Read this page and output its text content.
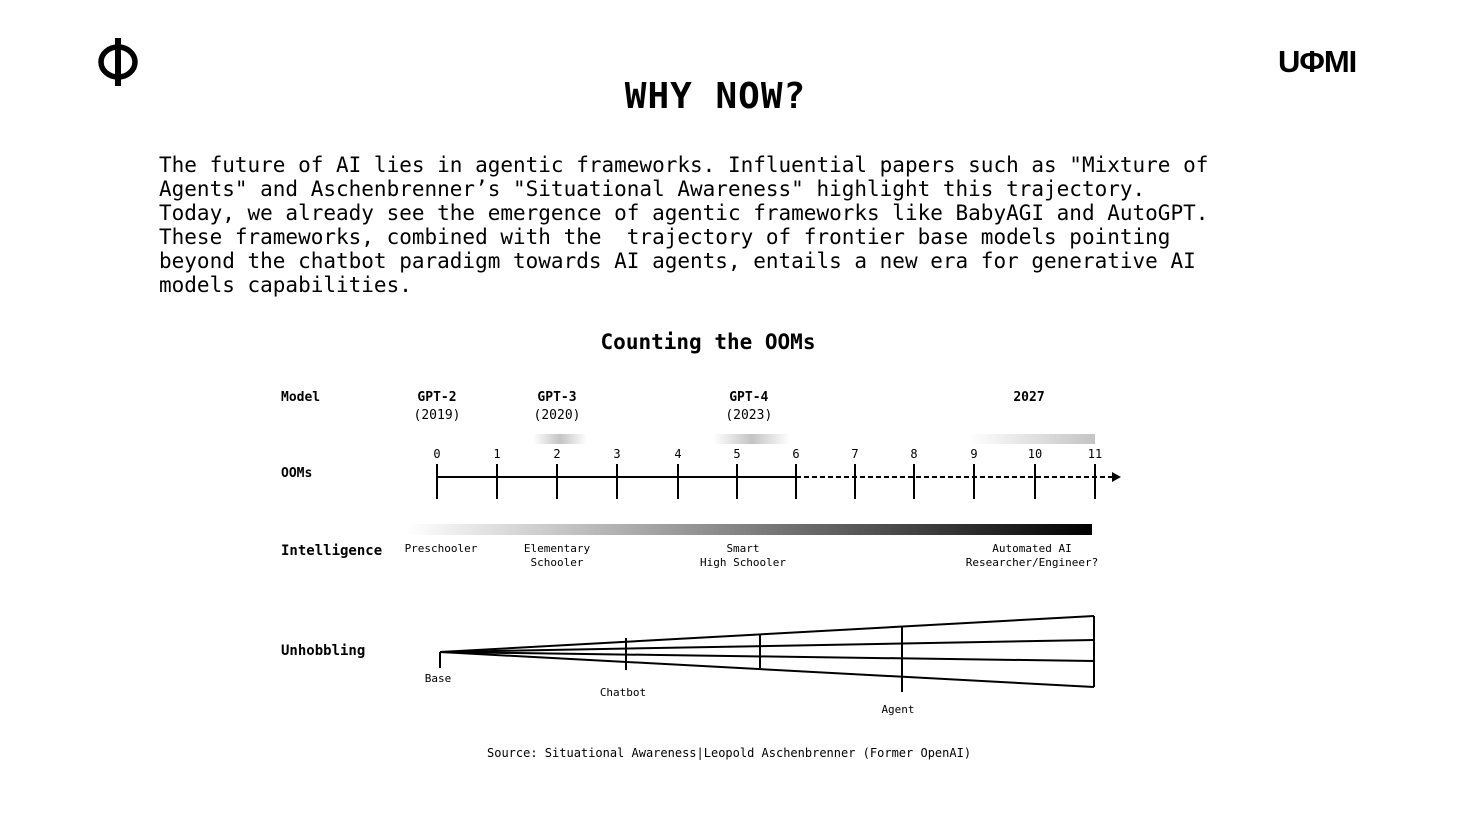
UΦMI
WHY NOW?

The future of AI lies in agentic frameworks. Influential papers such as "Mixture of
Agents" and Aschenbrenner’s "Situational Awareness" highlight this trajectory.
Today, we already see the emergence of agentic frameworks like BabyAGI and AutoGPT.
These frameworks, combined with the  trajectory of frontier base models pointing
beyond the chatbot paradigm towards AI agents, entails a new era for generative AI
models capabilities.

Counting the OOMs
Model
OOMs
Intelligence
Unhobbling
GPT-2
(2019)
GPT-3
(2020)
GPT-4
(2023)
2027
0	1	2	3	4	5	6	7	8	9	10	11
Preschooler	Elementary
Schooler
Smart
High Schooler
Automated AI
Researcher/Engineer?
Base
Chatbot
Agent
Source: Situational Awareness|Leopold Aschenbrenner (Former OpenAI)
